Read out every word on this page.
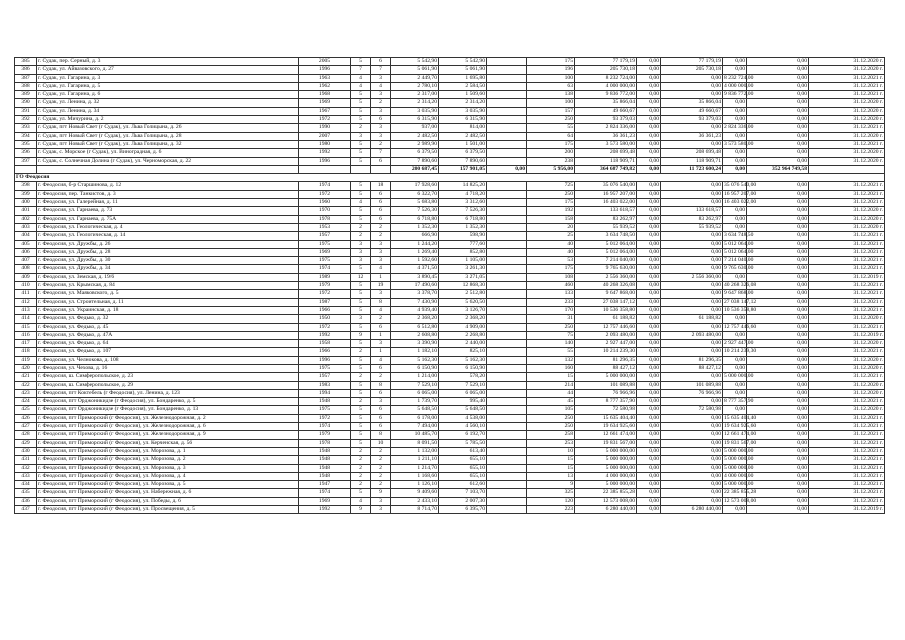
385	г. Судак, пер. Серный, д. 3	2005	5	6	5 542,90	5 542,90		175	77 179,19	0,00	77 179,19	0,00	0,00	31.12.2020 г.
386	г. Судак, ул. Айвазовского, д. 27	1996	7	7	5 061,90	5 061,90		196	205 730,18	0,00	205 730,18	0,00	0,00	31.12.2020 г.
387	г. Судак, ул. Гагарина, д. 3	1963	4	3	2 449,70	1 695,80		100	8 232 724,00	0,00	0,00	8 232 724,00	0,00	31.12.2021 г.
388	г. Судак, ул. Гагарина, д. 5	1962	4	4	2 780,10	2 584,50		63	4 000 000,00	0,00	0,00	4 000 000,00	0,00	31.12.2021 г.
389	г. Судак, ул. Гагарина, д. 6	1968	5	3	2 317,00	1 509,60		138	9 836 772,00	0,00	0,00	9 836 772,00	0,00	31.12.2021 г.
390	г. Судак, ул. Ленина, д. 32	1969	5	2	2 314,20	2 314,20		100	35 866,04	0,00	35 866,04	0,00	0,00	31.12.2020 г.
391	г. Судак, ул. Ленина, д. 34	1967	5	3	3 035,90	3 035,90		157	49 660,67	0,00	49 660,67	0,00	0,00	31.12.2020 г.
392	г. Судак, ул. Мичурина, д. 2	1972	5	6	6 315,90	6 315,90		250	93 379,03	0,00	93 379,03	0,00	0,00	31.12.2020 г.
393	г. Судак, пгт Новый Свет (г Судак), ул. Льва Голицына, д. 26	1990	2	3	937,00	814,00		55	2 824 336,00	0,00	0,00	2 824 336,00	0,00	31.12.2021 г.
394	г. Судак, пгт Новый Свет (г Судак), ул. Льва Голицына, д. 28	2007	3	3	2 482,50	2 482,50		64	36 361,23	0,00	36 361,23	0,00	0,00	31.12.2020 г.
395	г. Судак, пгт Новый Свет (г Судак), ул. Льва Голицына, д. 32	1980	5	2	2 989,90	1 501,00		175	3 573 580,00	0,00	0,00	3 573 580,00	0,00	31.12.2021 г.
396	г. Судак, с. Морское (г Судак), ул. Виноградная, д. 6	1992	5	7	6 379,50	6 379,50		200	208 699,48	0,00	208 699,48	0,00	0,00	31.12.2020 г.
397	г. Судак, с. Солнечная Долина (г Судак), ул. Черноморская, д. 22	1996	5	6	7 890,60	7 890,60		238	118 909,71	0,00	118 909,71	0,00	0,00	31.12.2020 г.
					200 687,45	157 901,05	0,00	5 956,00	364 687 749,82	0,00	11 723 600,24	0,00	352 964 749,58	
ГО Феодосия														
398	г. Феодосия, б-р Старшинова, д. 12	1974	5	18	17 928,60	14 825,20		725	35 076 540,00	0,00	0,00	35 076 540,00	0,00	31.12.2021 г.
399	г. Феодосия, пер. Танкистов, д. 3	1972	5	6	6 322,70	4 718,20		250	16 957 207,00	0,00	0,00	16 957 207,00	0,00	31.12.2021 г.
400	г. Феодосия, ул. Галерейная, д. 11	1960	4	6	5 683,80	3 312,60		175	16 403 022,00	0,00	0,00	16 403 022,00	0,00	31.12.2021 г.
401	г. Феодосия, ул. Гарнаева, д. 73	1970	5	6	7 526,30	7 526,30		192	133 618,57	0,00	133 618,57	0,00	0,00	31.12.2020 г.
402	г. Феодосия, ул. Гарнаева, д. 75А	1978	5	6	6 718,80	6 718,80		158	83 262,97	0,00	83 262,97	0,00	0,00	31.12.2020 г.
403	г. Феодосия, ул. Геологическая, д. 4	1953	2	2	1 352,30	1 352,30		20	55 939,52	0,00	55 939,52	0,00	0,00	31.12.2020 г.
404	г. Феодосия, ул. Геологическая, д. 14	1957	2	2	666,90	598,90		25	3 634 748,50	0,00	0,00	3 634 748,50	0,00	31.12.2021 г.
405	г. Феодосия, ул. Дружбы, д. 26	1975	3	3	1 244,20	777,60		40	5 012 064,00	0,00	0,00	5 012 064,00	0,00	31.12.2021 г.
406	г. Феодосия, ул. Дружбы, д. 28	1969	3	3	1 269,40	852,80		40	5 012 064,00	0,00	0,00	5 012 064,00	0,00	31.12.2021 г.
407	г. Феодосия, ул. Дружбы, д. 30	1975	3	3	1 592,60	1 105,00		53	7 214 040,00	0,00	0,00	7 214 040,00	0,00	31.12.2021 г.
408	г. Феодосия, ул. Дружбы, д. 34	1974	5	4	4 371,50	3 261,30		175	9 765 630,00	0,00	0,00	9 765 630,00	0,00	31.12.2021 г.
409	г. Феодосия, ул. Земская, д. 19/6	1989	12	1	3 890,45	3 271,05		108	2 556 360,00	0,00	2 556 360,00	0,00	0,00	31.12.2019 г.
410	г. Феодосия, ул. Крымская, д. 84	1979	5	19	17 490,60	12 868,30		460	40 268 326,08	0,00	0,00	40 268 326,08	0,00	31.12.2021 г.
411	г. Феодосия, ул. Маяковского, д. 5	1972	5	3	3 378,70	2 512,80		133	9 647 868,00	0,00	0,00	9 647 868,00	0,00	31.12.2021 г.
412	г. Феодосия, ул. Строительная, д. 11	1987	5	8	7 430,90	5 620,50		233	27 038 147,12	0,00	0,00	27 038 147,12	0,00	31.12.2021 г.
413	г. Феодосия, ул. Украинская, д. 18	1966	5	4	4 939,40	3 126,70		170	10 536 358,80	0,00	0,00	10 536 358,80	0,00	31.12.2021 г.
414	г. Феодосия, ул. Федько, д. 32	1950	3	2	2 368,20	2 368,20		31	61 188,82	0,00	61 188,82	0,00	0,00	31.12.2020 г.
415	г. Феодосия, ул. Федько, д. 45	1972	5	6	6 512,80	4 909,00		250	12 757 446,60	0,00	0,00	12 757 446,60	0,00	31.12.2021 г.
416	г. Феодосия, ул. Федько, д. 47А	1992	9	1	2 608,80	2 268,80		75	2 093 480,00	0,00	2 093 480,00	0,00	0,00	31.12.2019 г.
417	г. Феодосия, ул. Федько, д. 64	1958	5	3	3 390,90	2 440,00		140	2 927 447,00	0,00	0,00	2 927 447,00	0,00	31.12.2020 г.
418	г. Феодосия, ул. Федько, д. 107	1966	2	1	1 182,10	825,10		55	10 214 239,30	0,00	0,00	10 214 239,30	0,00	31.12.2021 г.
419	г. Феодосия, ул. Челнокова, д. 108	1996	5	4	5 162,30	5 162,30		132	81 296,35	0,00	81 296,35	0,00	0,00	31.12.2020 г.
420	г. Феодосия, ул. Чехова, д. 16	1975	5	6	6 150,90	6 150,90		160	88 427,12	0,00	88 427,12	0,00	0,00	31.12.2020 г.
421	г. Феодосия, ш. Симферопольское, д. 23	1957	2	2	1 214,00	578,20		15	5 000 000,00	0,00	0,00	5 000 000,00	0,00	31.12.2021 г.
422	г. Феодосия, ш. Симферопольское, д. 29	1983	5	8	7 529,10	7 529,10		214	101 089,88	0,00	101 089,88	0,00	0,00	31.12.2020 г.
423	г. Феодосия, пгт Коктебель (г Феодосия), ул. Ленина, д. 123	1994	5	6	6 065,00	6 065,00		44	76 966,96	0,00	76 966,96	0,00	0,00	31.12.2020 г.
424	г. Феодосия, пгт Орджоникидзе (г Феодосия), ул. Бондаренко, д. 5	1948	2	3	1 739,70	995,40		45	8 777 357,90	0,00	0,00	8 777 357,90	0,00	31.12.2021 г.
425	г. Феодосия, пгт Орджоникидзе (г Феодосия), ул. Бондаренко, д. 13	1975	5	6	5 648,50	5 648,50		105	72 580,98	0,00	72 580,98	0,00	0,00	31.12.2020 г.
426	г. Феодосия, пгт Приморский (г Феодосия), ул. Железнодорожная, д. 2	1972	5	6	6 178,00	4 538,00		250	15 635 404,40	0,00	0,00	15 635 404,40	0,00	31.12.2021 г.
427	г. Феодосия, пгт Приморский (г Феодосия), ул. Железнодорожная, д. 6	1974	5	6	7 494,00	4 560,10		250	19 634 925,60	0,00	0,00	19 634 925,60	0,00	31.12.2021 г.
428	г. Феодосия, пгт Приморский (г Феодосия), ул. Железнодорожная, д. 9	1979	5	8	10 485,70	6 192,70		258	12 661 474,00	0,00	0,00	12 661 474,00	0,00	31.12.2021 г.
429	г. Феодосия, пгт Приморский (г Феодосия), ул. Керченская, д. 56	1978	5	10	8 091,50	5 785,50		253	19 831 567,00	0,00	0,00	19 831 567,00	0,00	31.12.2021 г.
430	г. Феодосия, пгт Приморский (г Феодосия), ул. Морозова, д. 1	1948	2	2	1 132,00	613,40		10	5 000 000,00	0,00	0,00	5 000 000,00	0,00	31.12.2021 г.
431	г. Феодосия, пгт Приморский (г Феодосия), ул. Морозова, д. 2	1948	2	2	1 211,10	655,10		15	5 000 000,00	0,00	0,00	5 000 000,00	0,00	31.12.2021 г.
432	г. Феодосия, пгт Приморский (г Феодосия), ул. Морозова, д. 3	1948	2	2	1 214,70	655,10		15	5 000 000,00	0,00	0,00	5 000 000,00	0,00	31.12.2021 г.
433	г. Феодосия, пгт Приморский (г Феодосия), ул. Морозова, д. 4	1948	2	2	1 168,60	655,10		13	4 000 000,00	0,00	0,00	4 000 000,00	0,00	31.12.2021 г.
434	г. Феодосия, пгт Приморский (г Феодосия), ул. Морозова, д. 5	1947	2	2	1 126,10	612,60		9	5 000 000,00	0,00	0,00	5 000 000,00	0,00	31.12.2021 г.
435	г. Феодосия, пгт Приморский (г Феодосия), ул. Набережная, д. 6	1974	5	9	9 409,60	7 103,70		325	22 385 855,28	0,00	0,00	22 385 855,28	0,00	31.12.2021 г.
436	г. Феодосия, пгт Приморский (г Феодосия), ул. Победы, д. 6	1969	4	3	2 433,10	2 007,30		120	12 573 008,00	0,00	0,00	12 573 008,00	0,00	31.12.2021 г.
437	г. Феодосия, пгт Приморский (г Феодосия), ул. Просвещения, д. 5	1992	9	3	8 714,70	6 395,70		223	6 280 440,00	0,00	6 280 440,00	0,00	0,00	31.12.2019 г.
